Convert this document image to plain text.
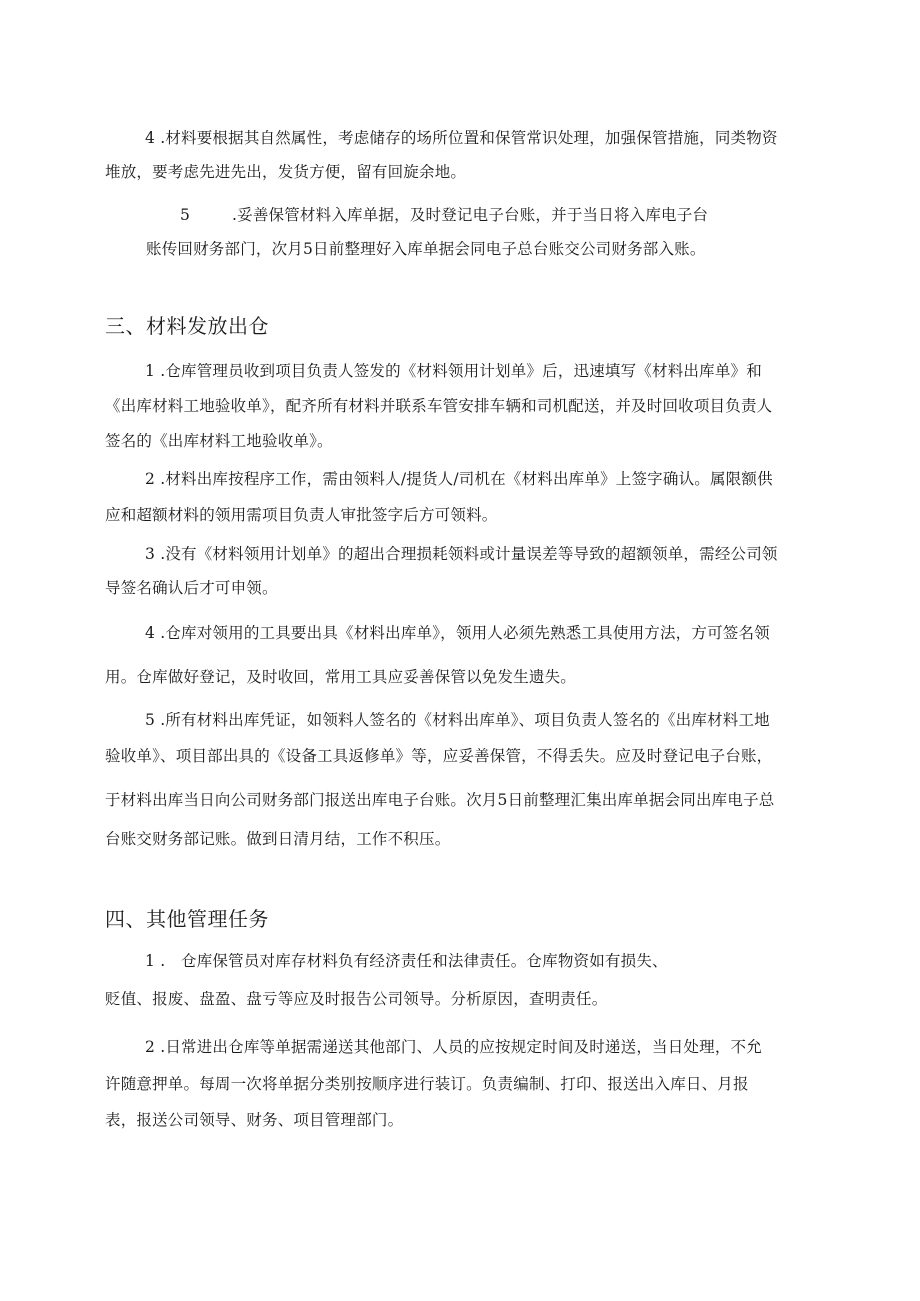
4 .材料要根据其自然属性，考虑储存的场所位置和保管常识处理，加强保管措施，同类物资
堆放，要考虑先进先出，发货方便，留有回旋余地。
5	.妥善保管材料入库单据，及时登记电子台账，并于当日将入库电子台
账传回财务部门，次月5日前整理好入库单据会同电子总台账交公司财务部入账。
三、材料发放出仓
1 .仓库管理员收到项目负责人签发的《材料领用计划单》后，迅速填写《材料出库单》和
《出库材料工地验收单》，配齐所有材料并联系车管安排车辆和司机配送，并及时回收项目负责人
签名的《出库材料工地验收单》。
2 .材料出库按程序工作，需由领料人/提货人/司机在《材料出库单》上签字确认。属限额供
应和超额材料的领用需项目负责人审批签字后方可领料。
3 .没有《材料领用计划单》的超出合理损耗领料或计量误差等导致的超额领单，需经公司领
导签名确认后才可申领。
4 .仓库对领用的工具要出具《材料出库单》，领用人必须先熟悉工具使用方法，方可签名领
用。仓库做好登记，及时收回，常用工具应妥善保管以免发生遗失。
5 .所有材料出库凭证，如领料人签名的《材料出库单》、项目负责人签名的《出库材料工地
验收单》、项目部出具的《设备工具返修单》等，应妥善保管，不得丢失。应及时登记电子台账，
于材料出库当日向公司财务部门报送出库电子台账。次月5日前整理汇集出库单据会同出库电子总
台账交财务部记账。做到日清月结，工作不积压。
四、其他管理任务
1 .　仓库保管员对库存材料负有经济责任和法律责任。仓库物资如有损失、
贬值、报废、盘盈、盘亏等应及时报告公司领导。分析原因，查明责任。
2 .日常进出仓库等单据需递送其他部门、人员的应按规定时间及时递送，当日处理，不允
许随意押单。每周一次将单据分类别按顺序进行装订。负责编制、打印、报送出入库日、月报
表，报送公司领导、财务、项目管理部门。
